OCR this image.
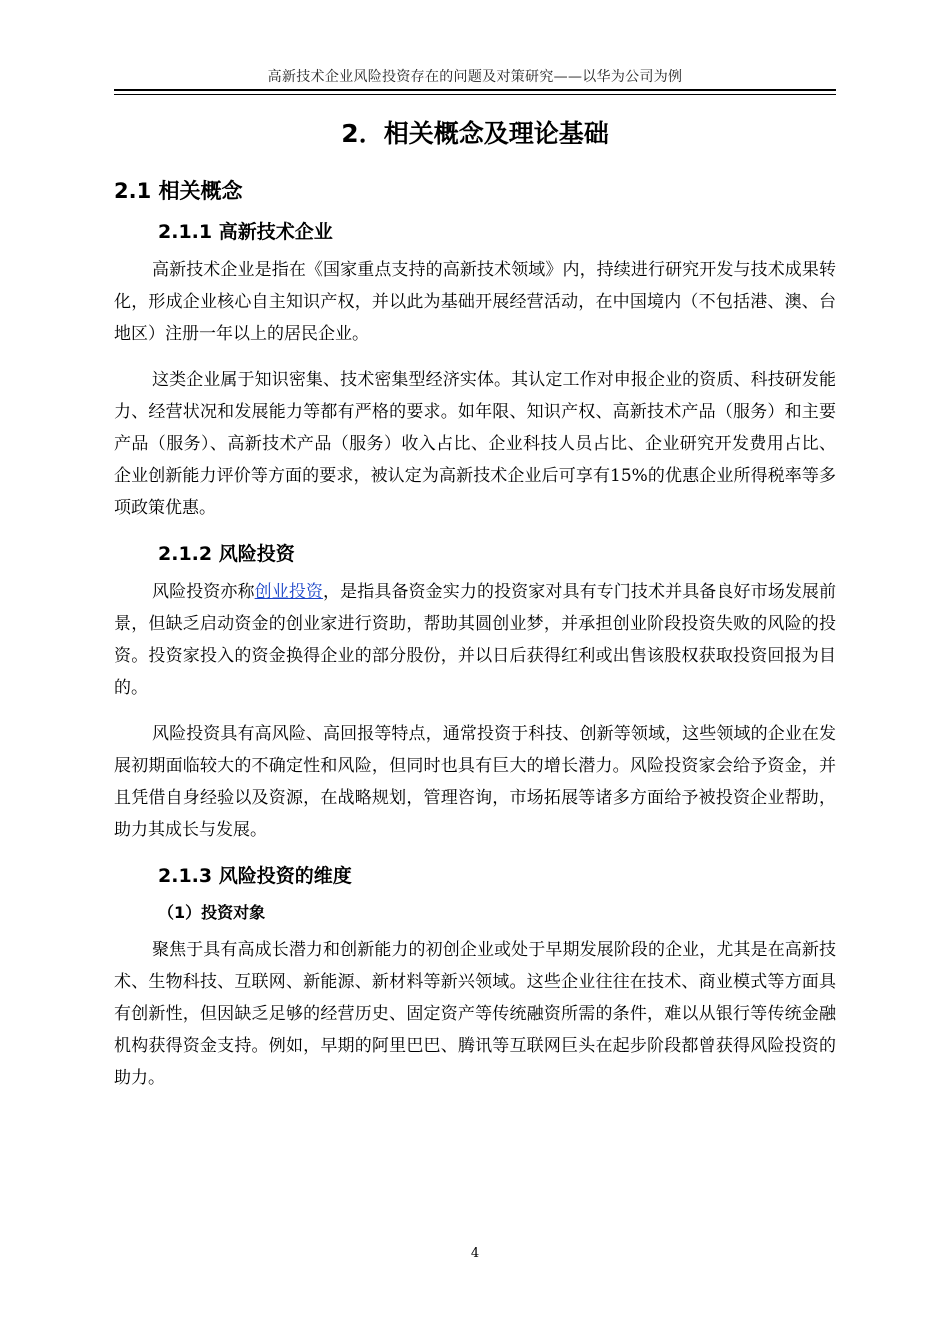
高新技术企业风险投资存在的问题及对策研究——以华为公司为例
2．相关概念及理论基础
2.1 相关概念
2.1.1 高新技术企业

高新技术企业是指在《国家重点支持的高新技术领域》内，持续进行研究开发与技术成果转化，形成企业核心自主知识产权，并以此为基础开展经营活动，在中国境内（不包括港、澳、台地区）注册一年以上的居民企业。

这类企业属于知识密集、技术密集型经济实体。其认定工作对申报企业的资质、科技研发能力、经营状况和发展能力等都有严格的要求。如年限、知识产权、高新技术产品（服务）和主要产品（服务）、高新技术产品（服务）收入占比、企业科技人员占比、企业研究开发费用占比、企业创新能力评价等方面的要求，被认定为高新技术企业后可享有15%的优惠企业所得税率等多项政策优惠。

2.1.2 风险投资

风险投资亦称创业投资，是指具备资金实力的投资家对具有专门技术并具备良好市场发展前景，但缺乏启动资金的创业家进行资助，帮助其圆创业梦，并承担创业阶段投资失败的风险的投资。投资家投入的资金换得企业的部分股份，并以日后获得红利或出售该股权获取投资回报为目的。

风险投资具有高风险、高回报等特点，通常投资于科技、创新等领域，这些领域的企业在发展初期面临较大的不确定性和风险，但同时也具有巨大的增长潜力。风险投资家会给予资金，并且凭借自身经验以及资源，在战略规划，管理咨询，市场拓展等诸多方面给予被投资企业帮助，助力其成长与发展。

2.1.3 风险投资的维度
（1）投资对象

聚焦于具有高成长潜力和创新能力的初创企业或处于早期发展阶段的企业，尤其是在高新技术、生物科技、互联网、新能源、新材料等新兴领域。这些企业往往在技术、商业模式等方面具有创新性，但因缺乏足够的经营历史、固定资产等传统融资所需的条件，难以从银行等传统金融机构获得资金支持。例如，早期的阿里巴巴、腾讯等互联网巨头在起步阶段都曾获得风险投资的助力。

4
